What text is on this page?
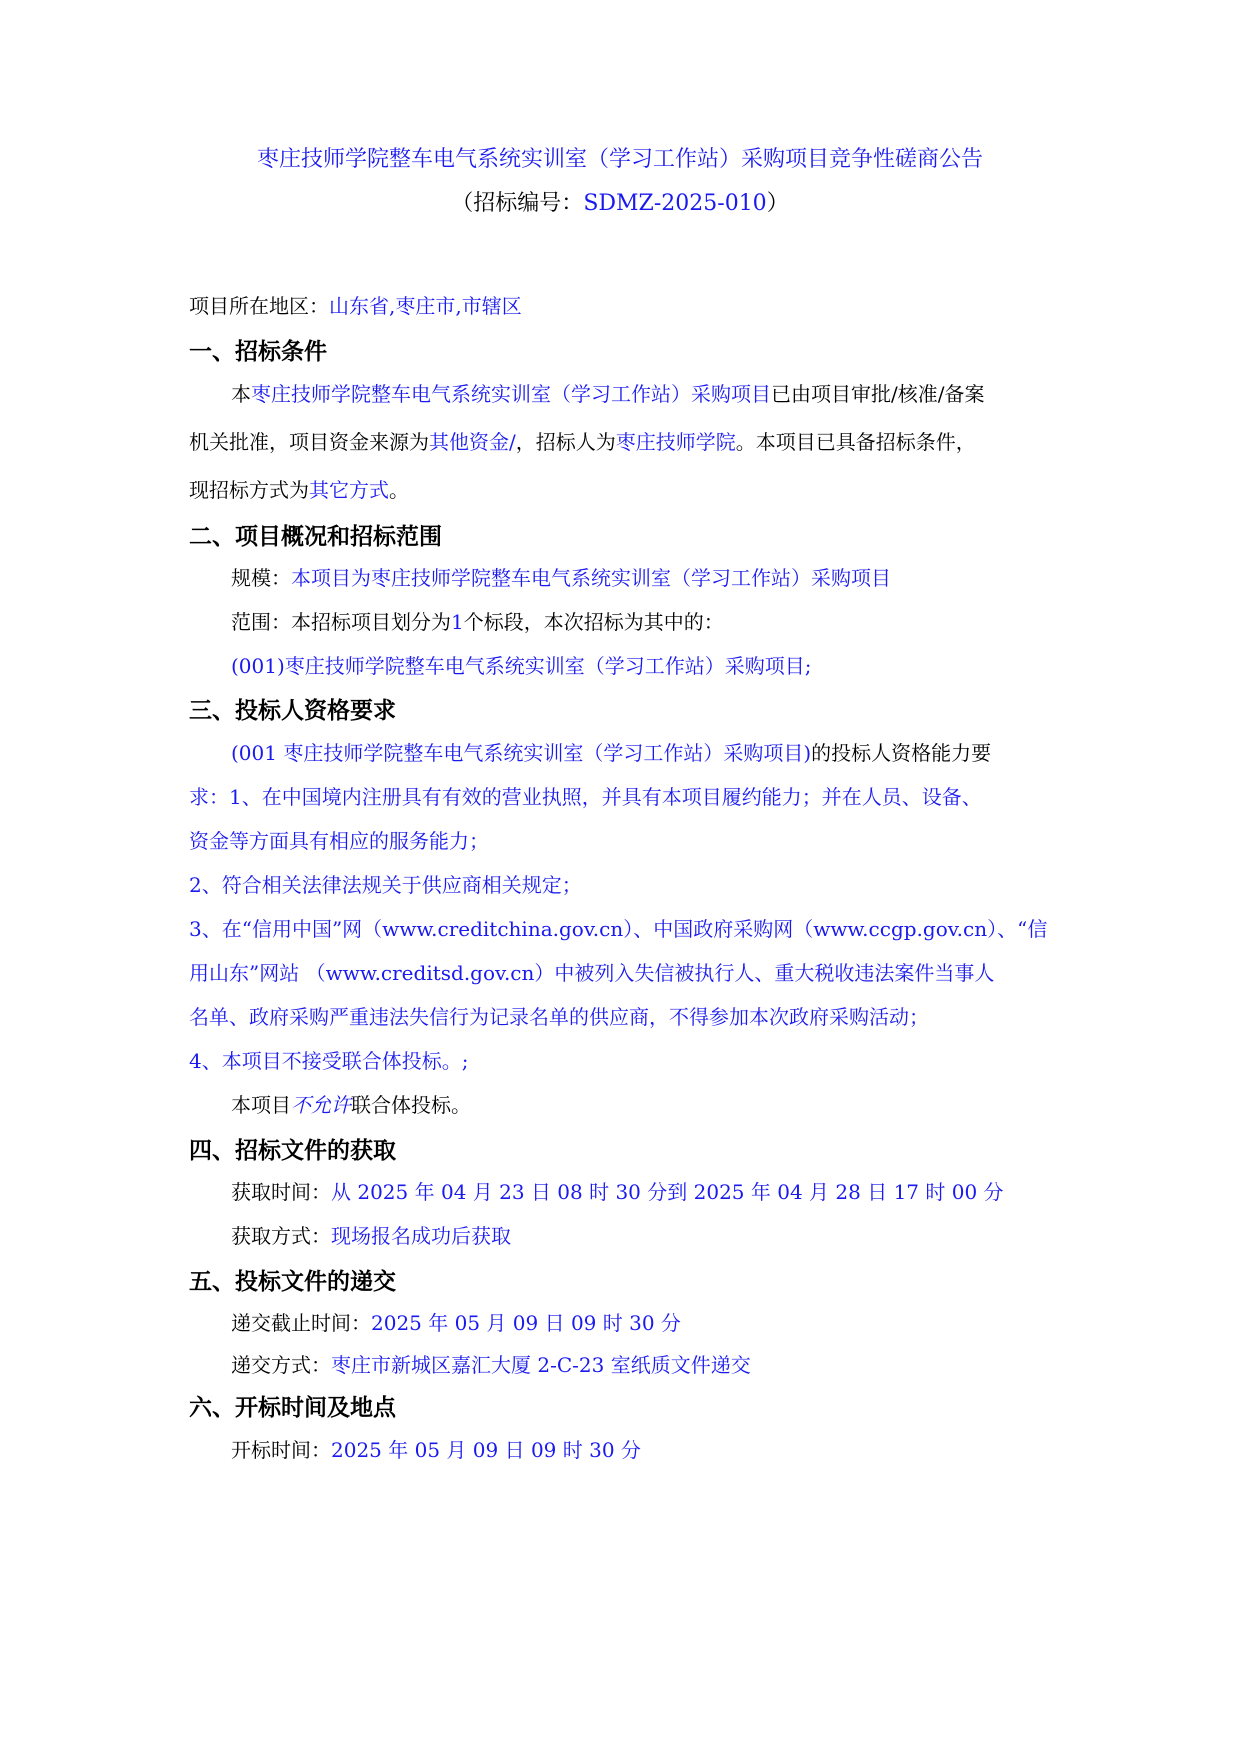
枣庄技师学院整车电气系统实训室（学习工作站）采购项目竞争性磋商公告
（招标编号：SDMZ-2025-010）
项目所在地区：山东省,枣庄市,市辖区
一、招标条件
本枣庄技师学院整车电气系统实训室（学习工作站）采购项目已由项目审批/核准/备案
机关批准，项目资金来源为其他资金/，招标人为枣庄技师学院。本项目已具备招标条件，
现招标方式为其它方式。
二、项目概况和招标范围
规模：本项目为枣庄技师学院整车电气系统实训室（学习工作站）采购项目
范围：本招标项目划分为1个标段，本次招标为其中的：
(001)枣庄技师学院整车电气系统实训室（学习工作站）采购项目;
三、投标人资格要求
(001 枣庄技师学院整车电气系统实训室（学习工作站）采购项目)的投标人资格能力要
求：1、在中国境内注册具有有效的营业执照，并具有本项目履约能力；并在人员、设备、
资金等方面具有相应的服务能力；
2、符合相关法律法规关于供应商相关规定；
3、在“信用中国”网（www.creditchina.gov.cn）、中国政府采购网（www.ccgp.gov.cn）、“信
用山东”网站 （www.creditsd.gov.cn）中被列入失信被执行人、重大税收违法案件当事人
名单、政府采购严重违法失信行为记录名单的供应商，不得参加本次政府采购活动；
4、本项目不接受联合体投标。;
本项目不允许联合体投标。
四、招标文件的获取
获取时间：从 2025 年 04 月 23 日 08 时 30 分到 2025 年 04 月 28 日 17 时 00 分
获取方式：现场报名成功后获取
五、投标文件的递交
递交截止时间：2025 年 05 月 09 日 09 时 30 分
递交方式：枣庄市新城区嘉汇大厦 2-C-23 室纸质文件递交
六、开标时间及地点
开标时间：2025 年 05 月 09 日 09 时 30 分
